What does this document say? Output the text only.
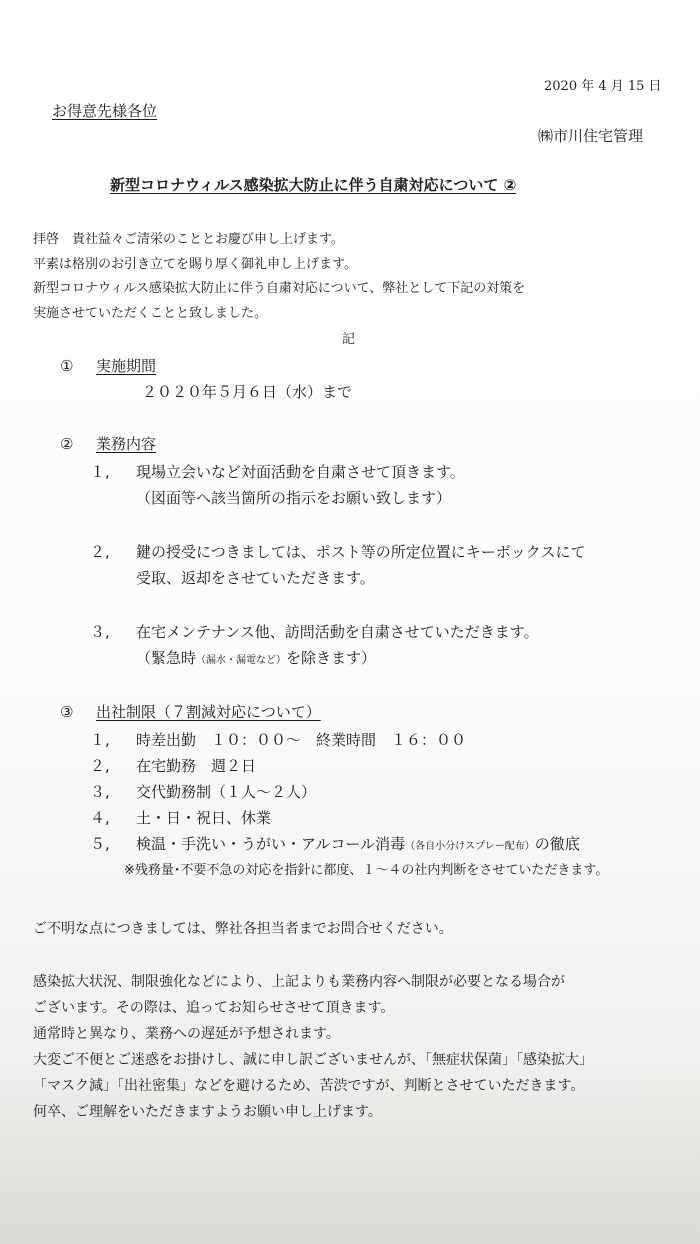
2020 年 4 月 15 日
お得意先様各位
㈱市川住宅管理
新型コロナウィルス感染拡大防止に伴う自粛対応について ②
拝啓　貴社益々ご清栄のこととお慶び申し上げます。
平素は格別のお引き立てを賜り厚く御礼申し上げます。
新型コロナウィルス感染拡大防止に伴う自粛対応について、弊社として下記の対策を
実施させていただくことと致しました。
記
① 実施期間
２０２０年５月６日（水）まで
② 業務内容
１, 現場立会いなど対面活動を自粛させて頂きます。
（図面等へ該当箇所の指示をお願い致します）
２, 鍵の授受につきましては、ポスト等の所定位置にキーボックスにて
受取、返却をさせていただきます。
３, 在宅メンテナンス他、訪問活動を自粛させていただきます。
（緊急時（漏水・漏電など）を除きます）
③ 出社制限（７割減対応について）
１, 時差出勤　１０：００～　終業時間　１６：００
２, 在宅勤務　週２日
３, 交代勤務制（１人～２人）
４, 土・日・祝日、休業
５, 検温・手洗い・うがい・アルコール消毒（各自小分けスプレー配布）の徹底
※残務量･不要不急の対応を指針に都度、１～４の社内判断をさせていただきます。
ご不明な点につきましては、弊社各担当者までお問合せください。
感染拡大状況、制限強化などにより、上記よりも業務内容へ制限が必要となる場合が
ございます。その際は、追ってお知らせさせて頂きます。
通常時と異なり、業務への遅延が予想されます。
大変ご不便とご迷惑をお掛けし、誠に申し訳ございませんが、「無症状保菌」「感染拡大」
「マスク減」「出社密集」などを避けるため、苦渋ですが、判断とさせていただきます。
何卒、ご理解をいただきますようお願い申し上げます。
